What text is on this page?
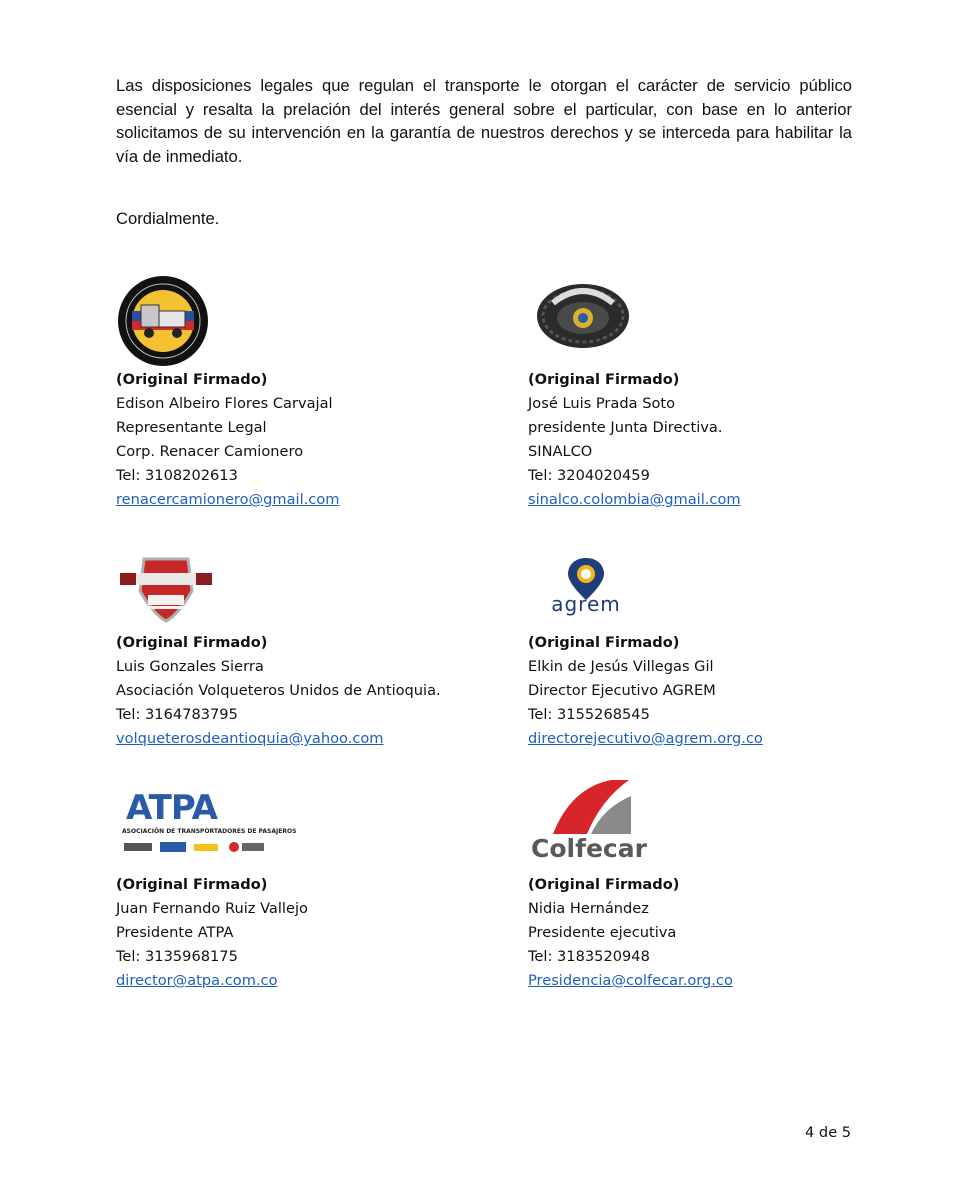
Las disposiciones legales que regulan el transporte le otorgan el carácter de servicio público esencial y resalta la prelación del interés general sobre el particular, con base en lo anterior solicitamos de su intervención en la garantía de nuestros derechos y se interceda para habilitar la vía de inmediato.

Cordialmente.

agrem
ATPA
ASOCIACIÓN DE TRANSPORTADORES DE PASAJEROS
Colfecar
(Original Firmado)
Edison Albeiro Flores Carvajal
Representante Legal
Corp. Renacer Camionero
Tel: 3108202613
renacercamionero@gmail.com
(Original Firmado)
José Luis Prada Soto
presidente Junta Directiva.
SINALCO
Tel: 3204020459
sinalco.colombia@gmail.com
(Original Firmado)
Luis Gonzales Sierra
Asociación Volqueteros Unidos de Antioquia.
Tel: 3164783795
volqueterosdeantioquia@yahoo.com
(Original Firmado)
Elkin de Jesús Villegas Gil
Director Ejecutivo AGREM
Tel: 3155268545
directorejecutivo@agrem.org.co
(Original Firmado)
Juan Fernando Ruiz Vallejo
Presidente ATPA
Tel: 3135968175
director@atpa.com.co
(Original Firmado)
Nidia Hernández
Presidente ejecutiva
Tel: 3183520948
Presidencia@colfecar.org.co

4 de 5
